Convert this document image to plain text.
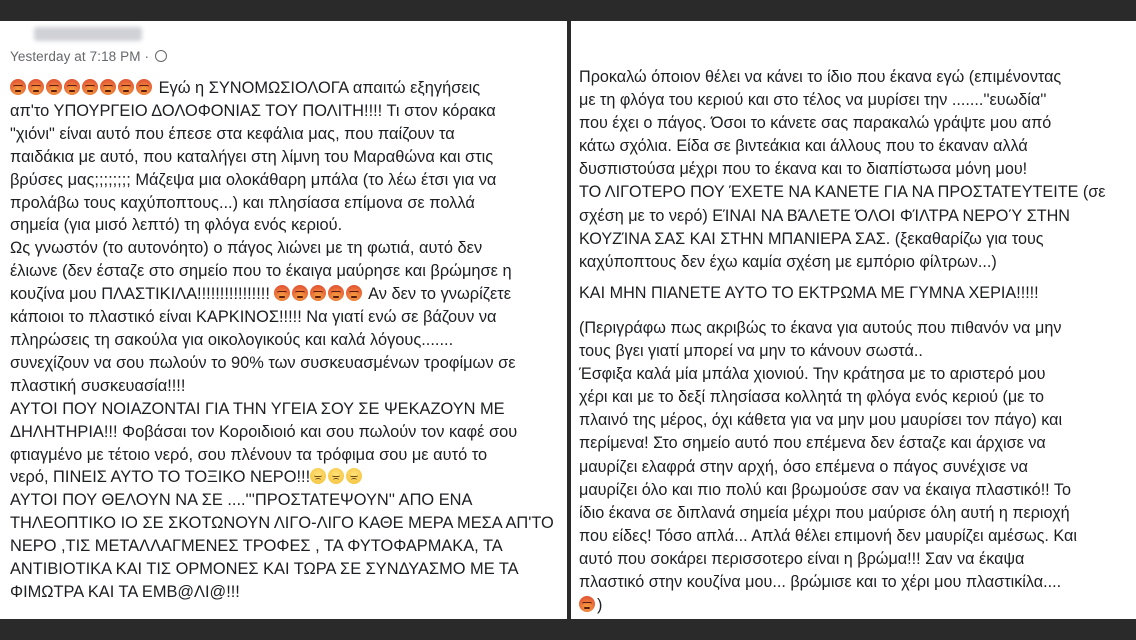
Yesterday at 7:18 PM ·
Εγώ η ΣΥΝΟΜΩΣΙΟΛΟΓΑ απαιτώ εξηγήσεις
απ'το ΥΠΟΥΡΓΕΙΟ ΔΟΛΟΦΟΝΙΑΣ ΤΟΥ ΠΟΛΙΤΗ!!!! Τι στον κόρακα
"χιόνι" είναι αυτό που έπεσε στα κεφάλια μας, που παίζουν τα
παιδάκια με αυτό, που καταλήγει στη λίμνη του Μαραθώνα και στις
βρύσες μας;;;;;;;; Μάζεψα μια ολοκάθαρη μπάλα (το λέω έτσι για να
προλάβω τους καχύποπτους...) και πλησίασα επίμονα σε πολλά
σημεία (για μισό λεπτό) τη φλόγα ενός κεριού.
Ως γνωστόν (το αυτονόητο) ο πάγος λιώνει με τη φωτιά, αυτό δεν
έλιωνε (δεν έσταζε στο σημείο που το έκαιγα μαύρησε και βρώμησε η
κουζίνα μου ΠΛΑΣΤΙΚΙΛΑ!!!!!!!!!!!!!!!!	Αν δεν το γνωρίζετε
κάποιοι το πλαστικό είναι ΚΑΡΚΙΝΟΣ!!!!! Να γιατί ενώ σε βάζουν να
πληρώσεις τη σακούλα για οικολογικούς και καλά λόγους.......
συνεχίζουν να σου πωλούν το 90% των συσκευασμένων τροφίμων σε
πλαστική συσκευασία!!!!
ΑΥΤΟΙ ΠΟΥ ΝΟΙΑΖΟΝΤΑΙ ΓΙΑ ΤΗΝ ΥΓΕΙΑ ΣΟΥ ΣΕ ΨΕΚΑΖΟΥΝ ΜΕ
ΔΗΛΗΤΗΡΙΑ!!! Φοβάσαι τον Κοροιδιοιό και σου πωλούν τον καφέ σου
φτιαγμένο με τέτοιο νερό, σου πλένουν τα τρόφιμα σου με αυτό το
νερό, ΠΙΝΕΙΣ ΑΥΤΟ ΤΟ ΤΟΞΙΚΟ ΝΕΡΟ!!!
ΑΥΤΟΙ ΠΟΥ ΘΕΛΟΥΝ ΝΑ ΣΕ ....'''ΠΡΟΣΤΑΤΕΨΟΥΝ'' ΑΠΟ ΕΝΑ
ΤΗΛΕΟΠΤΙΚΟ ΙΟ ΣΕ ΣΚΟΤΩΝΟΥΝ ΛΙΓΟ-ΛΙΓΟ ΚΑΘΕ ΜΕΡΑ ΜΕΣΑ ΑΠ'ΤΟ
ΝΕΡΟ ,ΤΙΣ ΜΕΤΑΛΛΑΓΜΕΝΕΣ ΤΡΟΦΕΣ , ΤΑ ΦΥΤΟΦΑΡΜΑΚΑ, ΤΑ
ΑΝΤΙΒΙΟΤΙΚΑ ΚΑΙ ΤΙΣ ΟΡΜΟΝΕΣ ΚΑΙ ΤΩΡΑ ΣΕ ΣΥΝΔΥΑΣΜΟ ΜΕ ΤΑ
ΦΙΜΩΤΡΑ ΚΑΙ ΤΑ ΕΜΒ@ΛΙ@!!!
Προκαλώ όποιον θέλει να κάνει το ίδιο που έκανα εγώ (επιμένοντας
με τη φλόγα του κεριού και στο τέλος να μυρίσει την .......''ευωδία''
που έχει ο πάγος. Όσοι το κάνετε σας παρακαλώ γράψτε μου από
κάτω σχόλια. Είδα σε βιντεάκια και άλλους που το έκαναν αλλά
δυσπιστούσα μέχρι που το έκανα και το διαπίστωσα μόνη μου!
ΤΟ ΛΙΓΟΤΕΡΟ ΠΟΥ ΈΧΕΤΕ ΝΑ ΚΑΝΕΤΕ ΓΙΑ ΝΑ ΠΡΟΣΤΑΤΕΥΤΕΙΤΕ (σε
σχέση με το νερό) ΕΊΝΑΙ ΝΑ ΒΆΛΕΤΕ ΌΛΟΙ ΦΊΛΤΡΑ ΝΕΡΟΎ ΣΤΗΝ
ΚΟΥΖΊΝΑ ΣΑΣ ΚΑΙ ΣΤΗΝ ΜΠΑΝΙΕΡΑ ΣΑΣ. (ξεκαθαρίζω για τους
καχύποπτους δεν έχω καμία σχέση με εμπόριο φίλτρων...)
ΚΑΙ ΜΗΝ ΠΙΑΝΕΤΕ ΑΥΤΟ ΤΟ ΕΚΤΡΩΜΑ ΜΕ ΓΥΜΝΑ ΧΕΡΙΑ!!!!!
(Περιγράφω πως ακριβώς το έκανα για αυτούς που πιθανόν να μην
τους βγει γιατί μπορεί να μην το κάνουν σωστά..
Έσφιξα καλά μία μπάλα χιονιού. Την κράτησα με το αριστερό μου
χέρι και με το δεξί πλησίασα κολλητά τη φλόγα ενός κεριού (με το
πλαινό της μέρος, όχι κάθετα για να μην μου μαυρίσει τον πάγο) και
περίμενα! Στο σημείο αυτό που επέμενα δεν έσταζε και άρχισε να
μαυρίζει ελαφρά στην αρχή, όσο επέμενα ο πάγος συνέχισε να
μαυρίζει όλο και πιο πολύ και βρωμούσε σαν να έκαιγα πλαστικό!! Το
ίδιο έκανα σε διπλανά σημεία μέχρι που μαύρισε όλη αυτή η περιοχή
που είδες! Τόσο απλά... Απλά θέλει επιμονή δεν μαυρίζει αμέσως. Και
αυτό που σοκάρει περισσοτερο είναι η βρώμα!!! Σαν να έκαψα
πλαστικό στην κουζίνα μου... βρώμισε και το χέρι μου πλαστικίλα....
)
